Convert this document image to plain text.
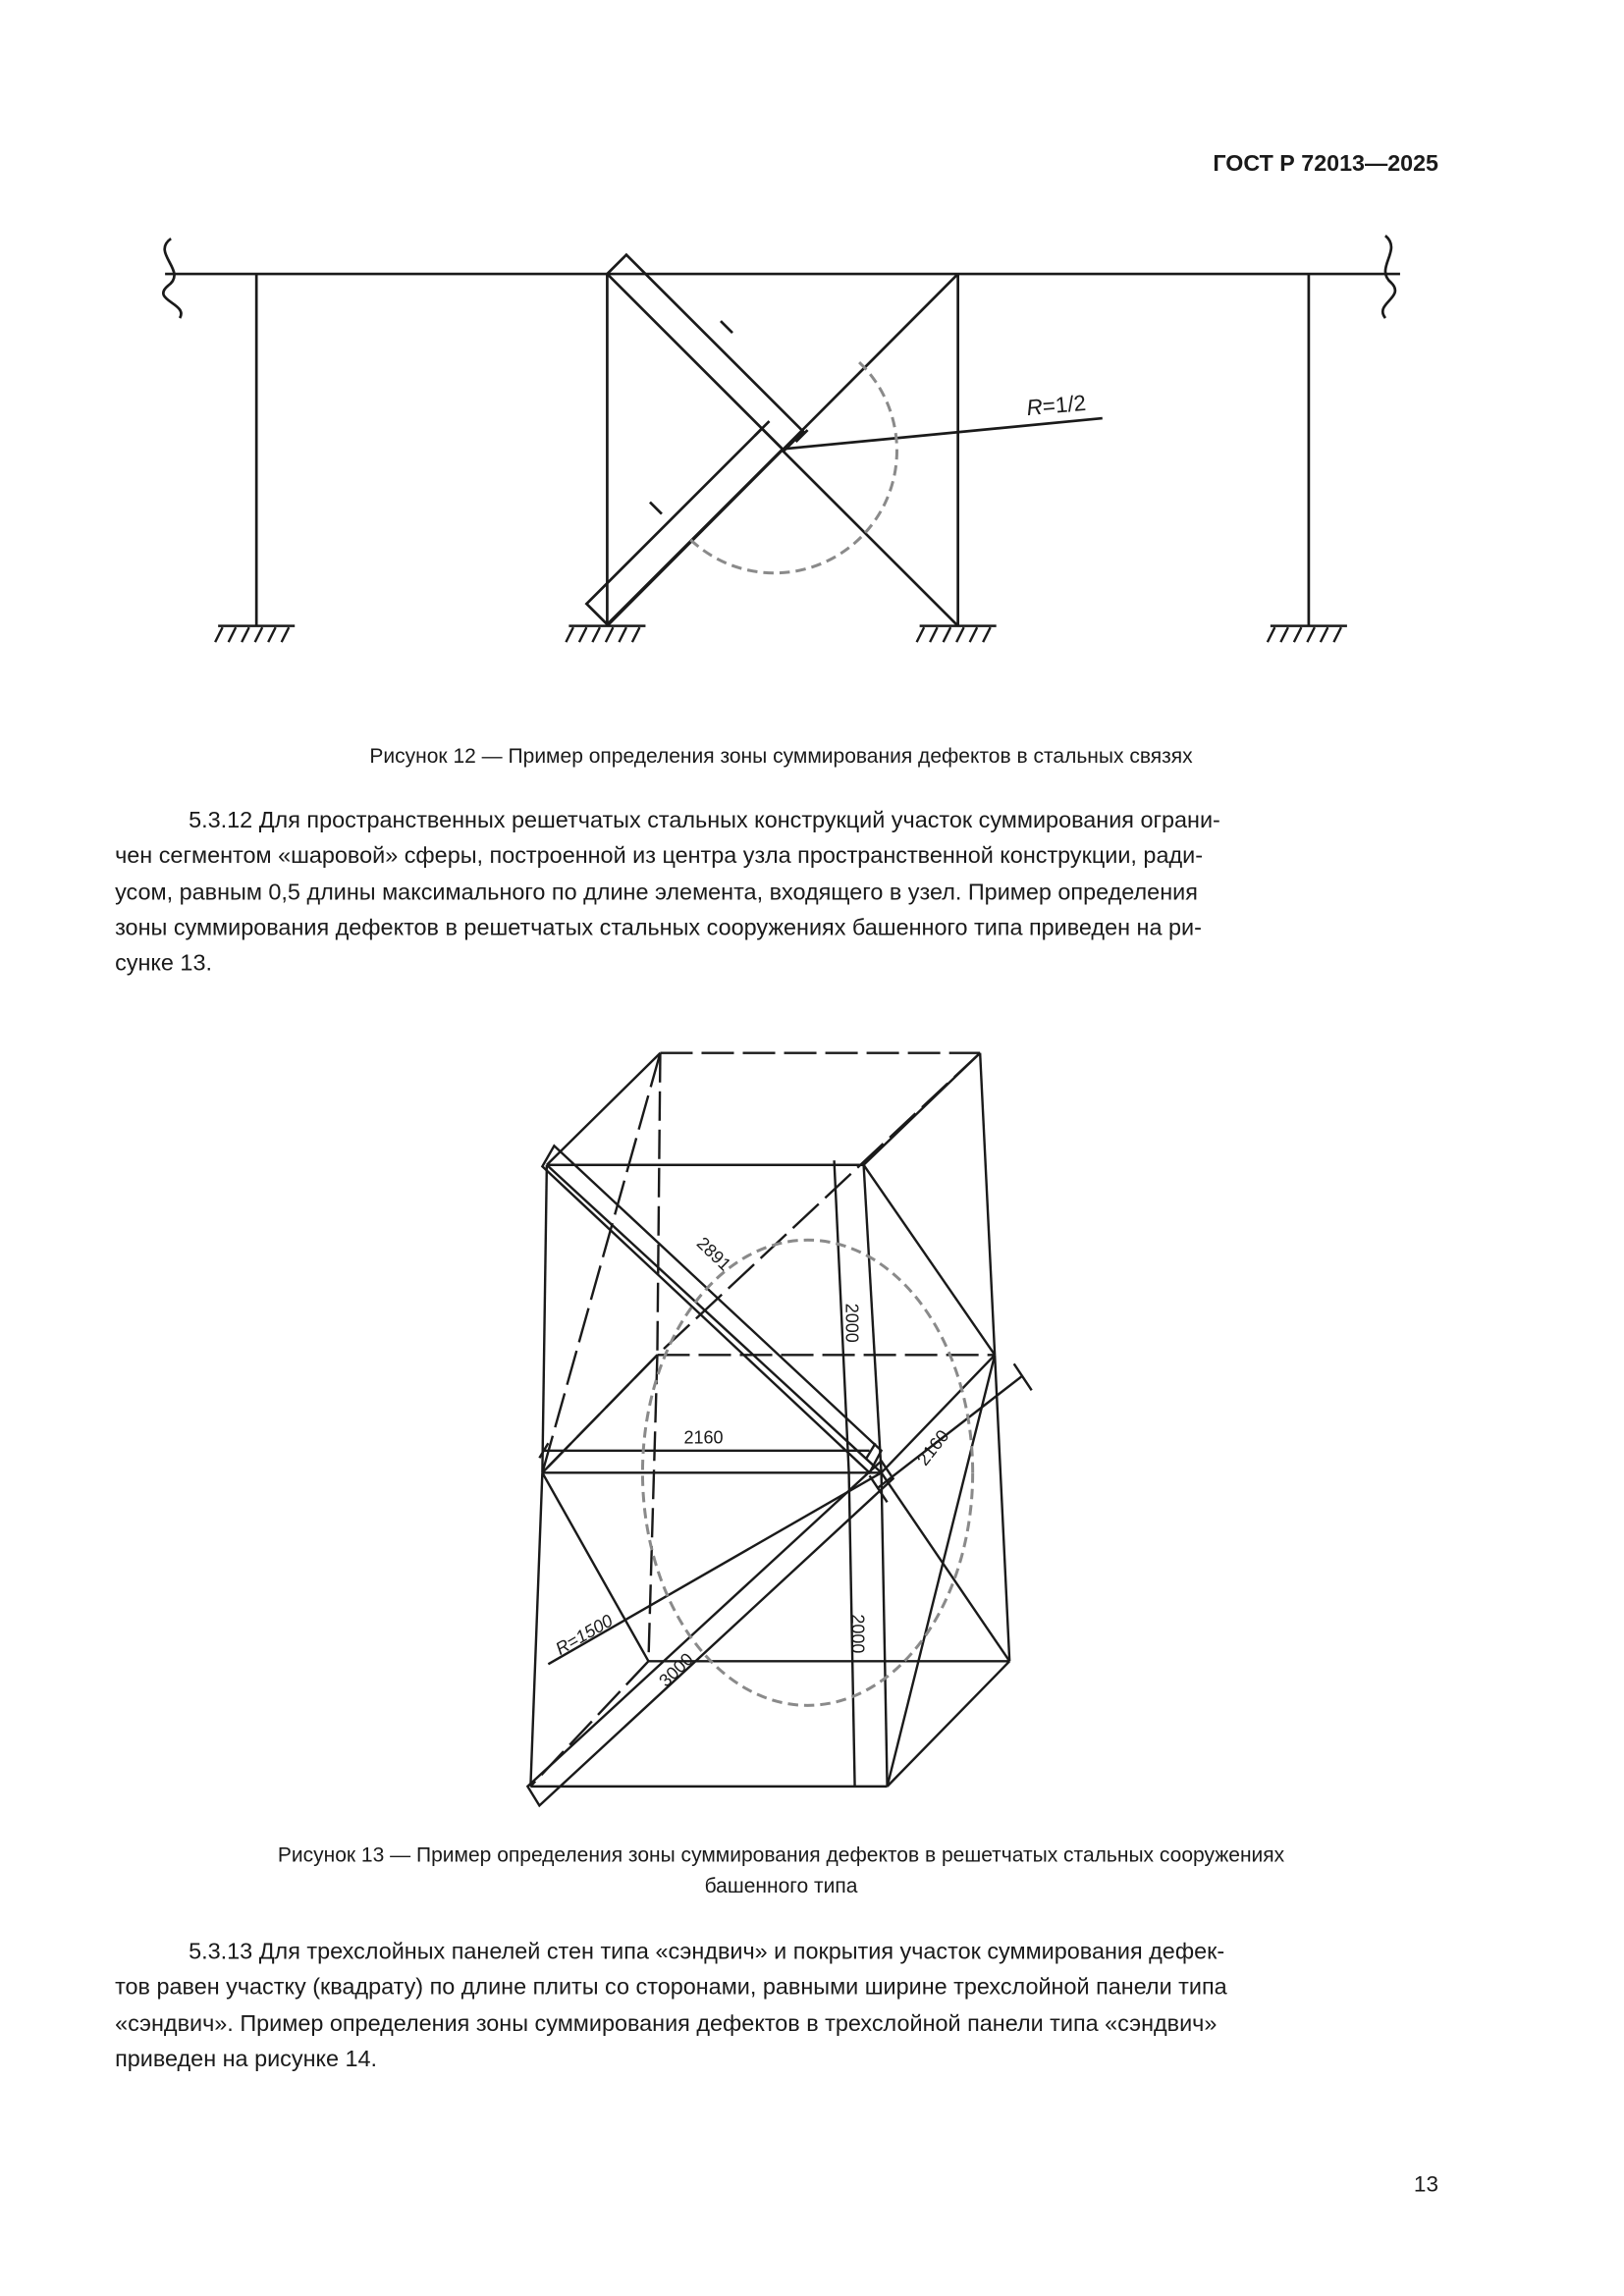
ГОСТ Р 72013—2025
R=1/2
Рисунок 12 — Пример определения зоны суммирования дефектов в стальных связях
5.3.12 Для пространственных решетчатых стальных конструкций участок суммирования ограни-
чен сегментом «шаровой» сферы, построенной из центра узла пространственной конструкции, ради-
усом, равным 0,5 длины максимального по длине элемента, входящего в узел. Пример определения
зоны суммирования дефектов в решетчатых стальных сооружениях башенного типа приведен на ри-
сунке 13.
2891
2000
2160	2160
2000
3000
R=1500
Рисунок 13 — Пример определения зоны суммирования дефектов в решетчатых стальных сооружениях
башенного типа
5.3.13 Для трехслойных панелей стен типа «сэндвич» и покрытия участок суммирования дефек-
тов равен участку (квадрату) по длине плиты со сторонами, равными ширине трехслойной панели типа
«сэндвич». Пример определения зоны суммирования дефектов в трехслойной панели типа «сэндвич»
приведен на рисунке 14.
13
